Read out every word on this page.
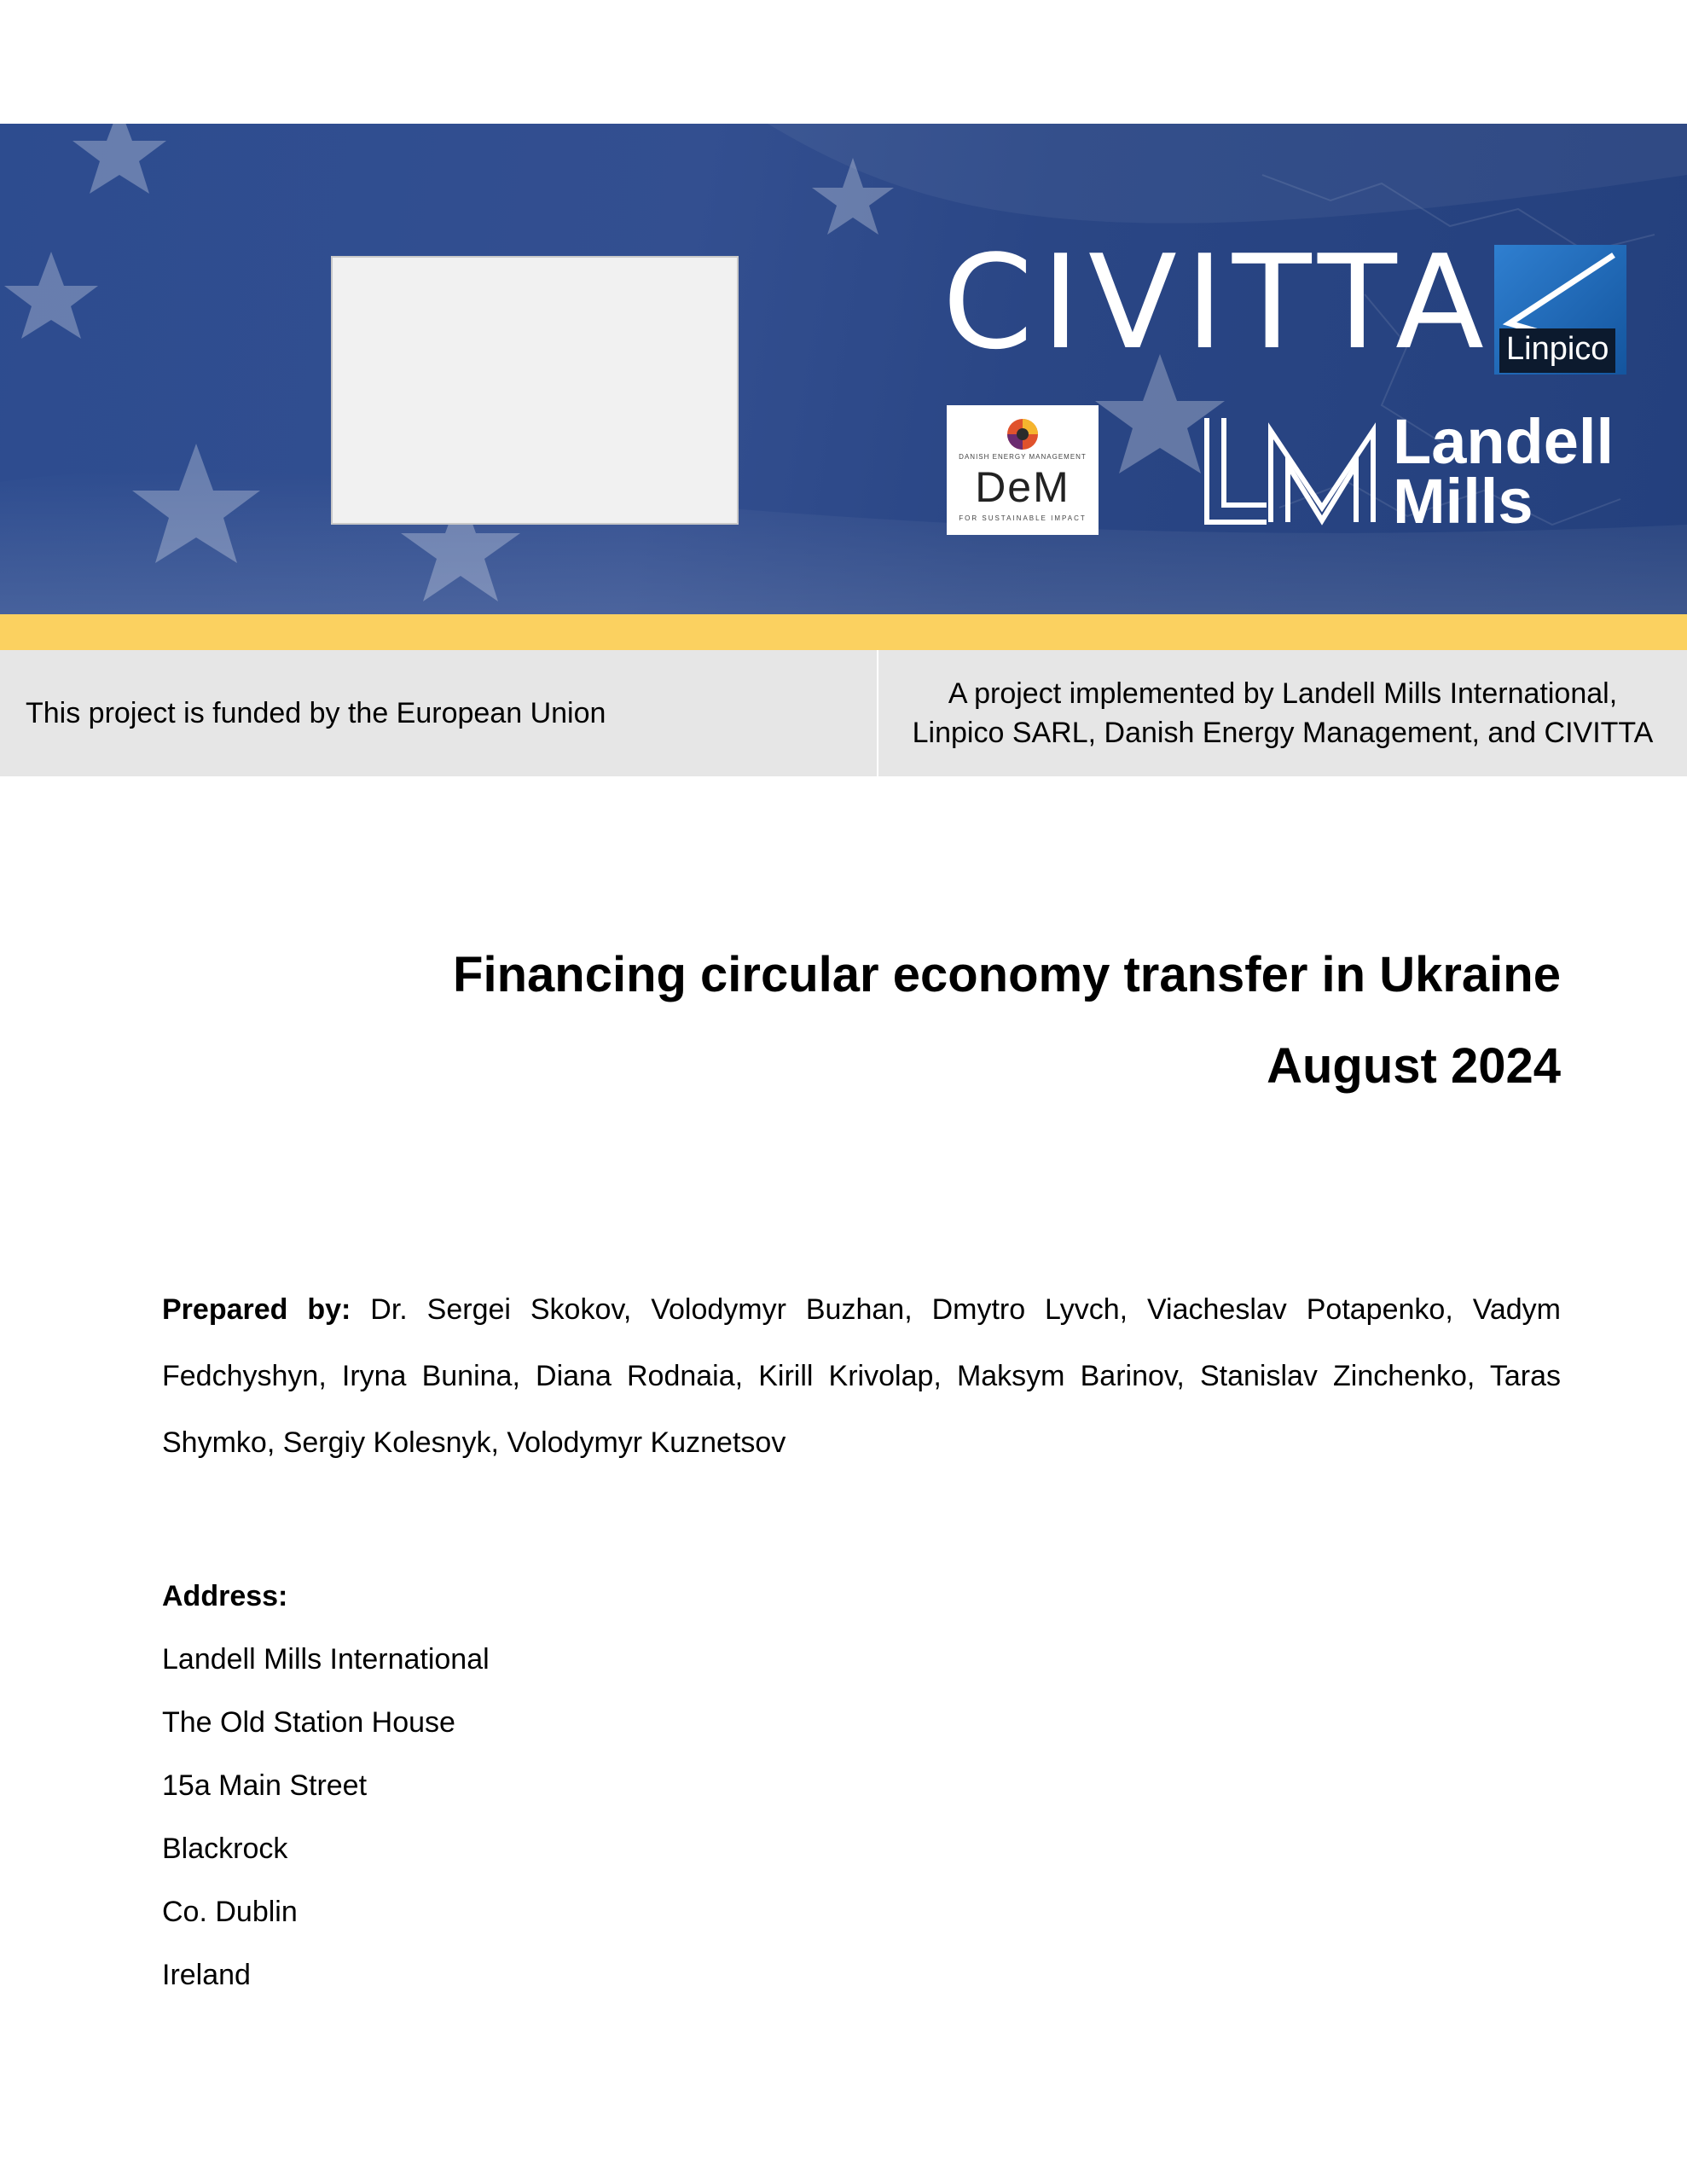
CIVITTA Linpico
DANISH ENERGY MANAGEMENT
DeM
FOR SUSTAINABLE IMPACT
Landell
Mills
This project is funded by the European Union
A project implemented by Landell Mills International,
Linpico SARL, Danish Energy Management, and CIVITTA
Financing circular economy transfer in Ukraine
August 2024
Prepared by: Dr. Sergei Skokov, Volodymyr Buzhan, Dmytro Lyvch, Viacheslav Potapenko, Vadym Fedchyshyn, Iryna Bunina, Diana Rodnaia, Kirill Krivolap, Maksym Barinov, Stanislav Zinchenko, Taras Shymko, Sergiy Kolesnyk, Volodymyr Kuznetsov
Address:
Landell Mills International
The Old Station House
15a Main Street
Blackrock
Co. Dublin
Ireland
